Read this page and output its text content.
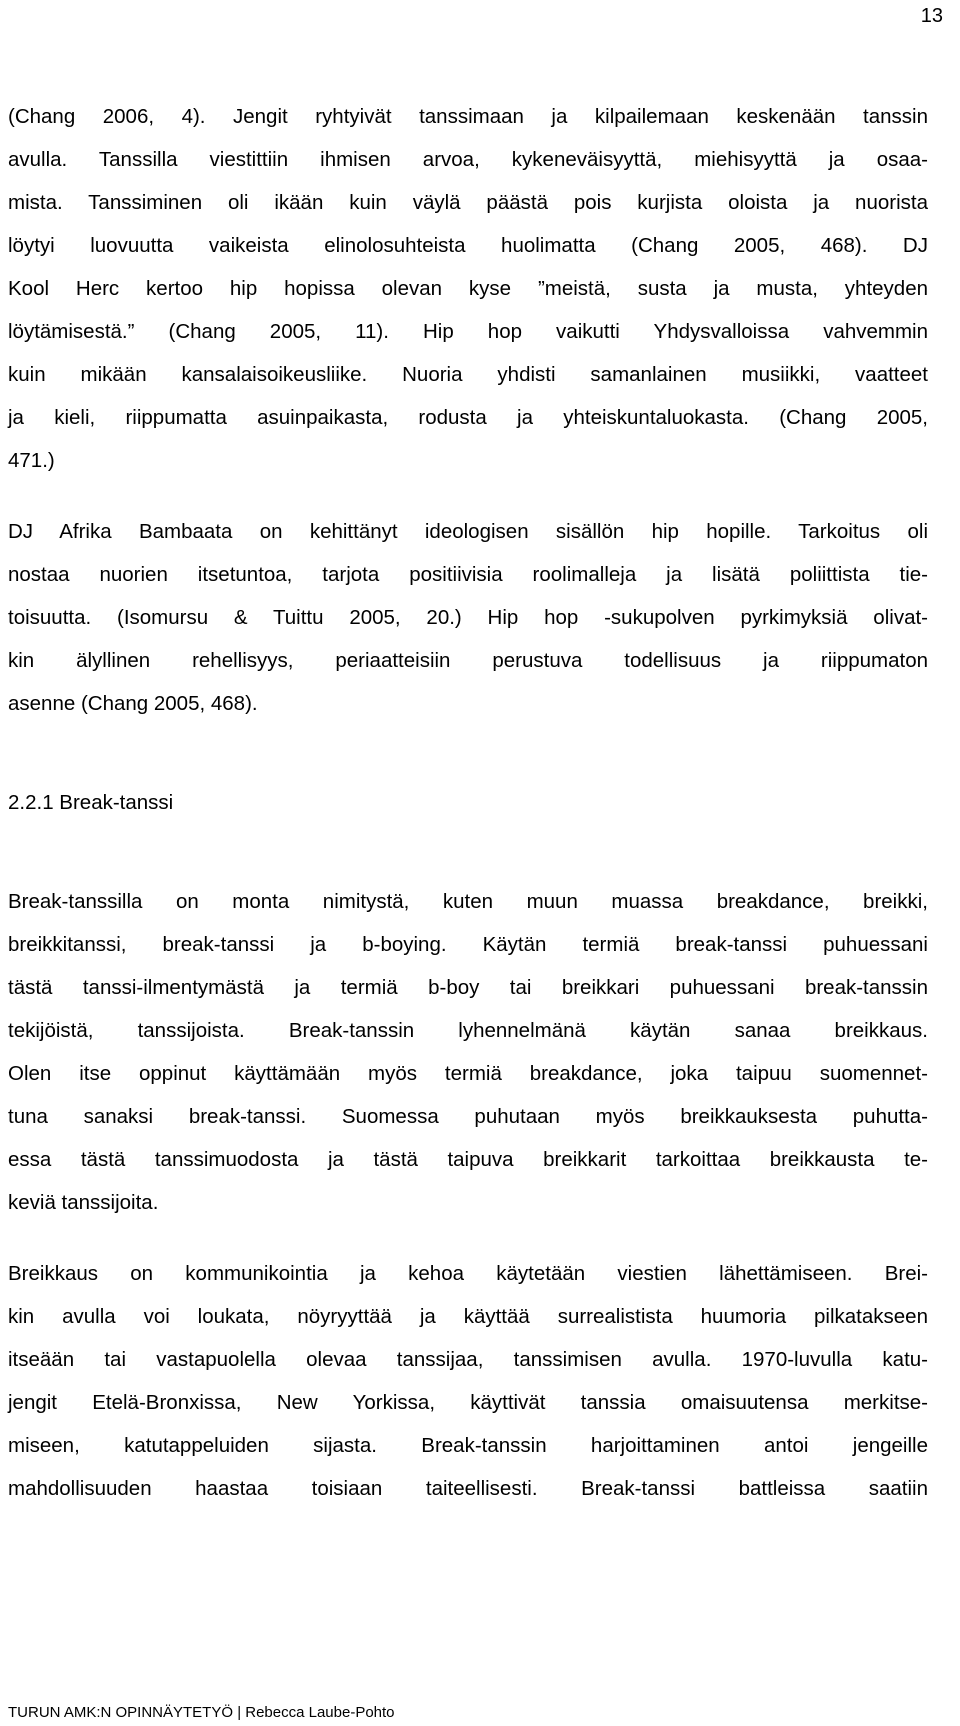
13
(Chang 2006, 4). Jengit ryhtyivät tanssimaan ja kilpailemaan keskenään tanssin
avulla. Tanssilla viestittiin ihmisen arvoa, kykeneväisyyttä, miehisyyttä ja osaa-
mista. Tanssiminen oli ikään kuin väylä päästä pois kurjista oloista ja nuorista
löytyi luovuutta vaikeista elinolosuhteista huolimatta (Chang 2005, 468). DJ
Kool Herc kertoo hip hopissa olevan kyse ”meistä, susta ja musta, yhteyden
löytämisestä.” (Chang 2005, 11). Hip hop vaikutti Yhdysvalloissa vahvemmin
kuin mikään kansalaisoikeusliike. Nuoria yhdisti samanlainen musiikki, vaatteet
ja kieli, riippumatta asuinpaikasta, rodusta ja yhteiskuntaluokasta. (Chang 2005,
471.)
DJ Afrika Bambaata on kehittänyt ideologisen sisällön hip hopille. Tarkoitus oli
nostaa nuorien itsetuntoa, tarjota positiivisia roolimalleja ja lisätä poliittista tie-
toisuutta. (Isomursu & Tuittu 2005, 20.) Hip hop -sukupolven pyrkimyksiä olivat-
kin älyllinen rehellisyys, periaatteisiin perustuva todellisuus ja riippumaton
asenne (Chang 2005, 468).
2.2.1 Break-tanssi
Break-tanssilla on monta nimitystä, kuten muun muassa breakdance, breikki,
breikkitanssi, break-tanssi ja b-boying. Käytän termiä break-tanssi puhuessani
tästä tanssi-ilmentymästä ja termiä b-boy tai breikkari puhuessani break-tanssin
tekijöistä, tanssijoista. Break-tanssin lyhennelmänä käytän sanaa breikkaus.
Olen itse oppinut käyttämään myös termiä breakdance, joka taipuu suomennet-
tuna sanaksi break-tanssi. Suomessa puhutaan myös breikkauksesta puhutta-
essa tästä tanssimuodosta ja tästä taipuva breikkarit tarkoittaa breikkausta te-
keviä tanssijoita.
Breikkaus on kommunikointia ja kehoa käytetään viestien lähettämiseen. Brei-
kin avulla voi loukata, nöyryyttää ja käyttää surrealistista huumoria pilkatakseen
itseään tai vastapuolella olevaa tanssijaa, tanssimisen avulla. 1970-luvulla katu-
jengit Etelä-Bronxissa, New Yorkissa, käyttivät tanssia omaisuutensa merkitse-
miseen, katutappeluiden sijasta. Break-tanssin harjoittaminen antoi jengeille
mahdollisuuden haastaa toisiaan taiteellisesti. Break-tanssi battleissa saatiin
TURUN AMK:N OPINNÄYTETYÖ | Rebecca Laube-Pohto
